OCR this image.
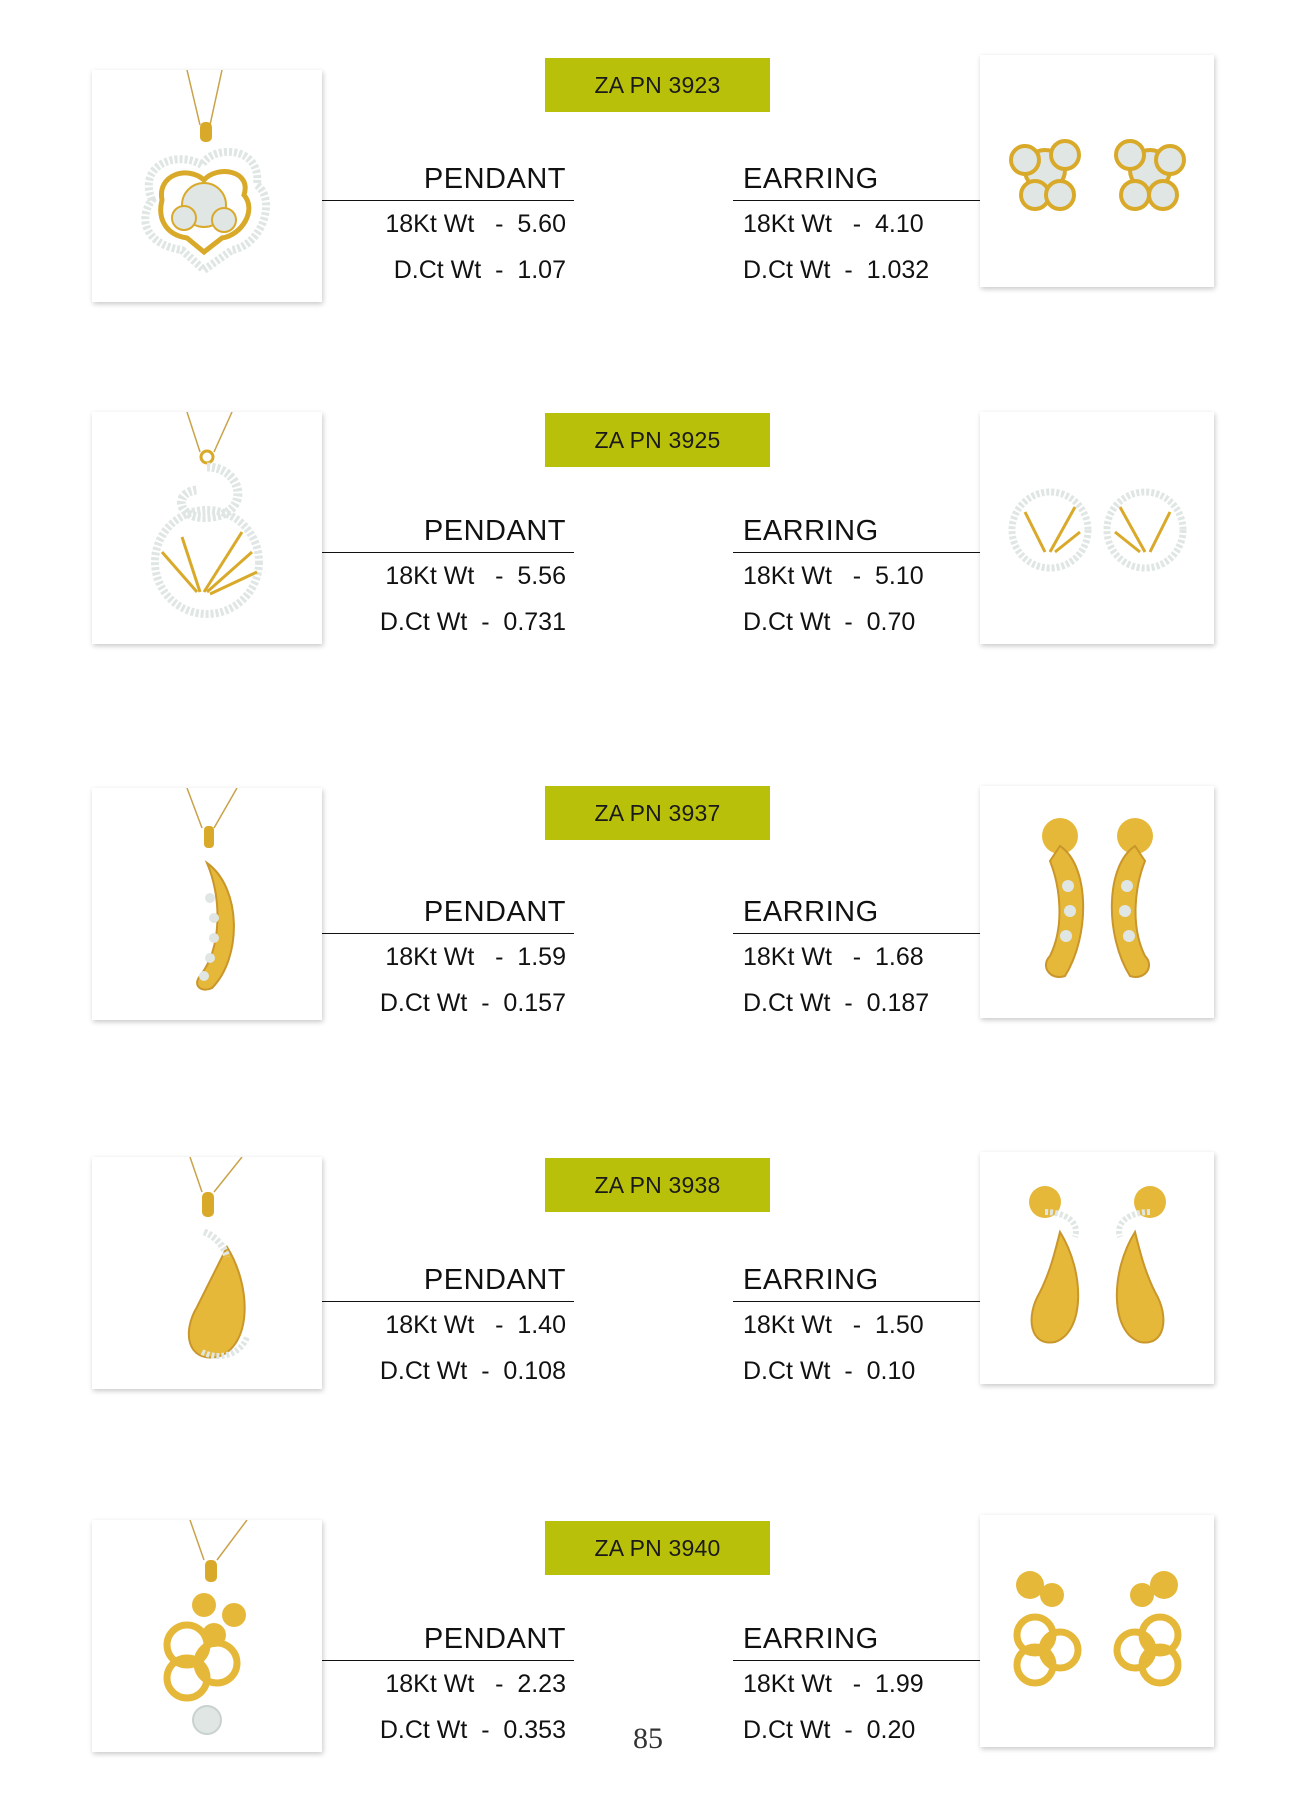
ZA PN 3923
PENDANT
18Kt Wt   -  5.60
D.Ct Wt  -  1.07
EARRING
18Kt Wt   -  4.10
D.Ct Wt  -  1.032
ZA PN 3925
PENDANT
18Kt Wt   -  5.56
D.Ct Wt  -  0.731
EARRING
18Kt Wt   -  5.10
D.Ct Wt  -  0.70
ZA PN 3937
PENDANT
18Kt Wt   -  1.59
D.Ct Wt  -  0.157
EARRING
18Kt Wt   -  1.68
D.Ct Wt  -  0.187
ZA PN 3938
PENDANT
18Kt Wt   -  1.40
D.Ct Wt  -  0.108
EARRING
18Kt Wt   -  1.50
D.Ct Wt  -  0.10
ZA PN 3940
PENDANT
18Kt Wt   -  2.23
D.Ct Wt  -  0.353
EARRING
18Kt Wt   -  1.99
D.Ct Wt  -  0.20
85
